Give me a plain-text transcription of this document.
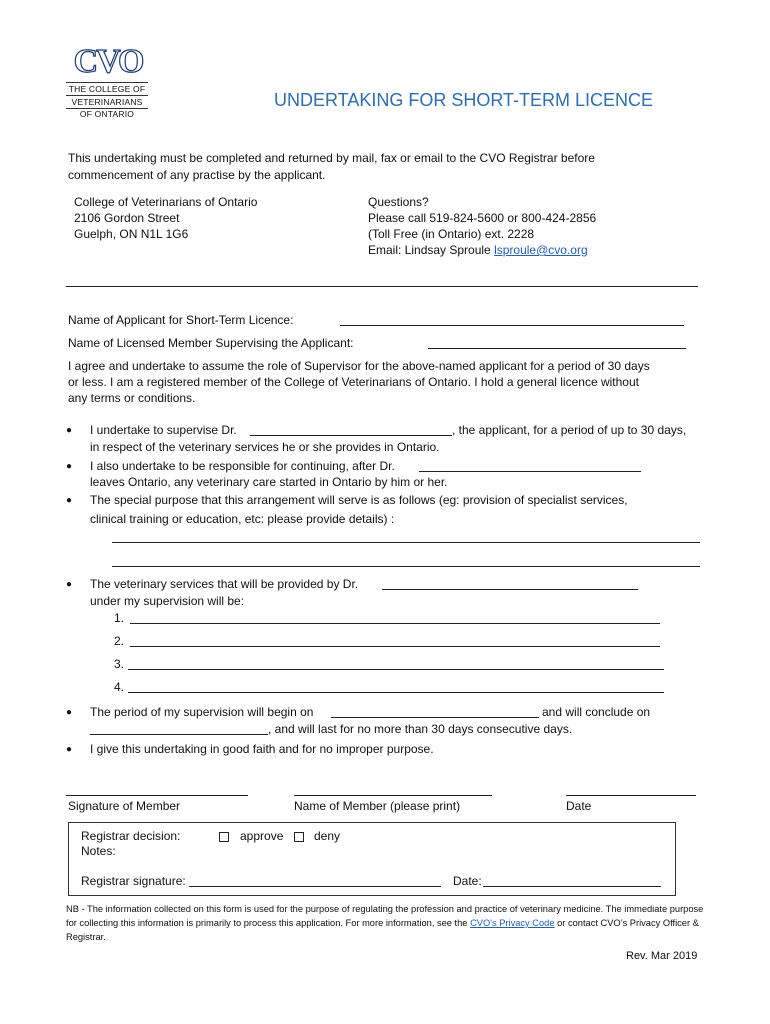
CVO
THE COLLEGE OF
VETERINARIANS
OF ONTARIO
UNDERTAKING FOR SHORT-TERM LICENCE
This undertaking must be completed and returned by mail, fax or email to the CVO Registrar before
commencement of any practise by the applicant.
College of Veterinarians of Ontario
2106 Gordon Street
Guelph, ON N1L 1G6
Questions?
Please call 519-824-5600 or 800-424-2856
(Toll Free (in Ontario) ext. 2228
Email: Lindsay Sproule lsproule@cvo.org
Name of Applicant for Short-Term Licence:
Name of Licensed Member Supervising the Applicant:
I agree and undertake to assume the role of Supervisor for the above-named applicant for a period of 30 days
or less. I am a registered member of the College of Veterinarians of Ontario. I hold a general licence without
any terms or conditions.
● I undertake to supervise Dr.	, the applicant, for a period of up to 30 days,
in respect of the veterinary services he or she provides in Ontario.
● I also undertake to be responsible for continuing, after Dr.
leaves Ontario, any veterinary care started in Ontario by him or her.
● The special purpose that this arrangement will serve is as follows (eg: provision of specialist services,
clinical training or education, etc: please provide details) :
● The veterinary services that will be provided by Dr.
under my supervision will be:
1.
2.
3.
4.
● The period of my supervision will begin on	and will conclude on
, and will last for no more than 30 days consecutive days.
● I give this undertaking in good faith and for no improper purpose.
Signature of Member	Name of Member (please print)	Date
Registrar decision:	approve	deny
Notes:
Registrar signature:	Date:
NB - The information collected on this form is used for the purpose of regulating the profession and practice of veterinary medicine. The immediate purpose for collecting this information is primarily to process this application. For more information, see the CVO's Privacy Code or contact CVO’s Privacy Officer & Registrar.
Rev. Mar 2019
